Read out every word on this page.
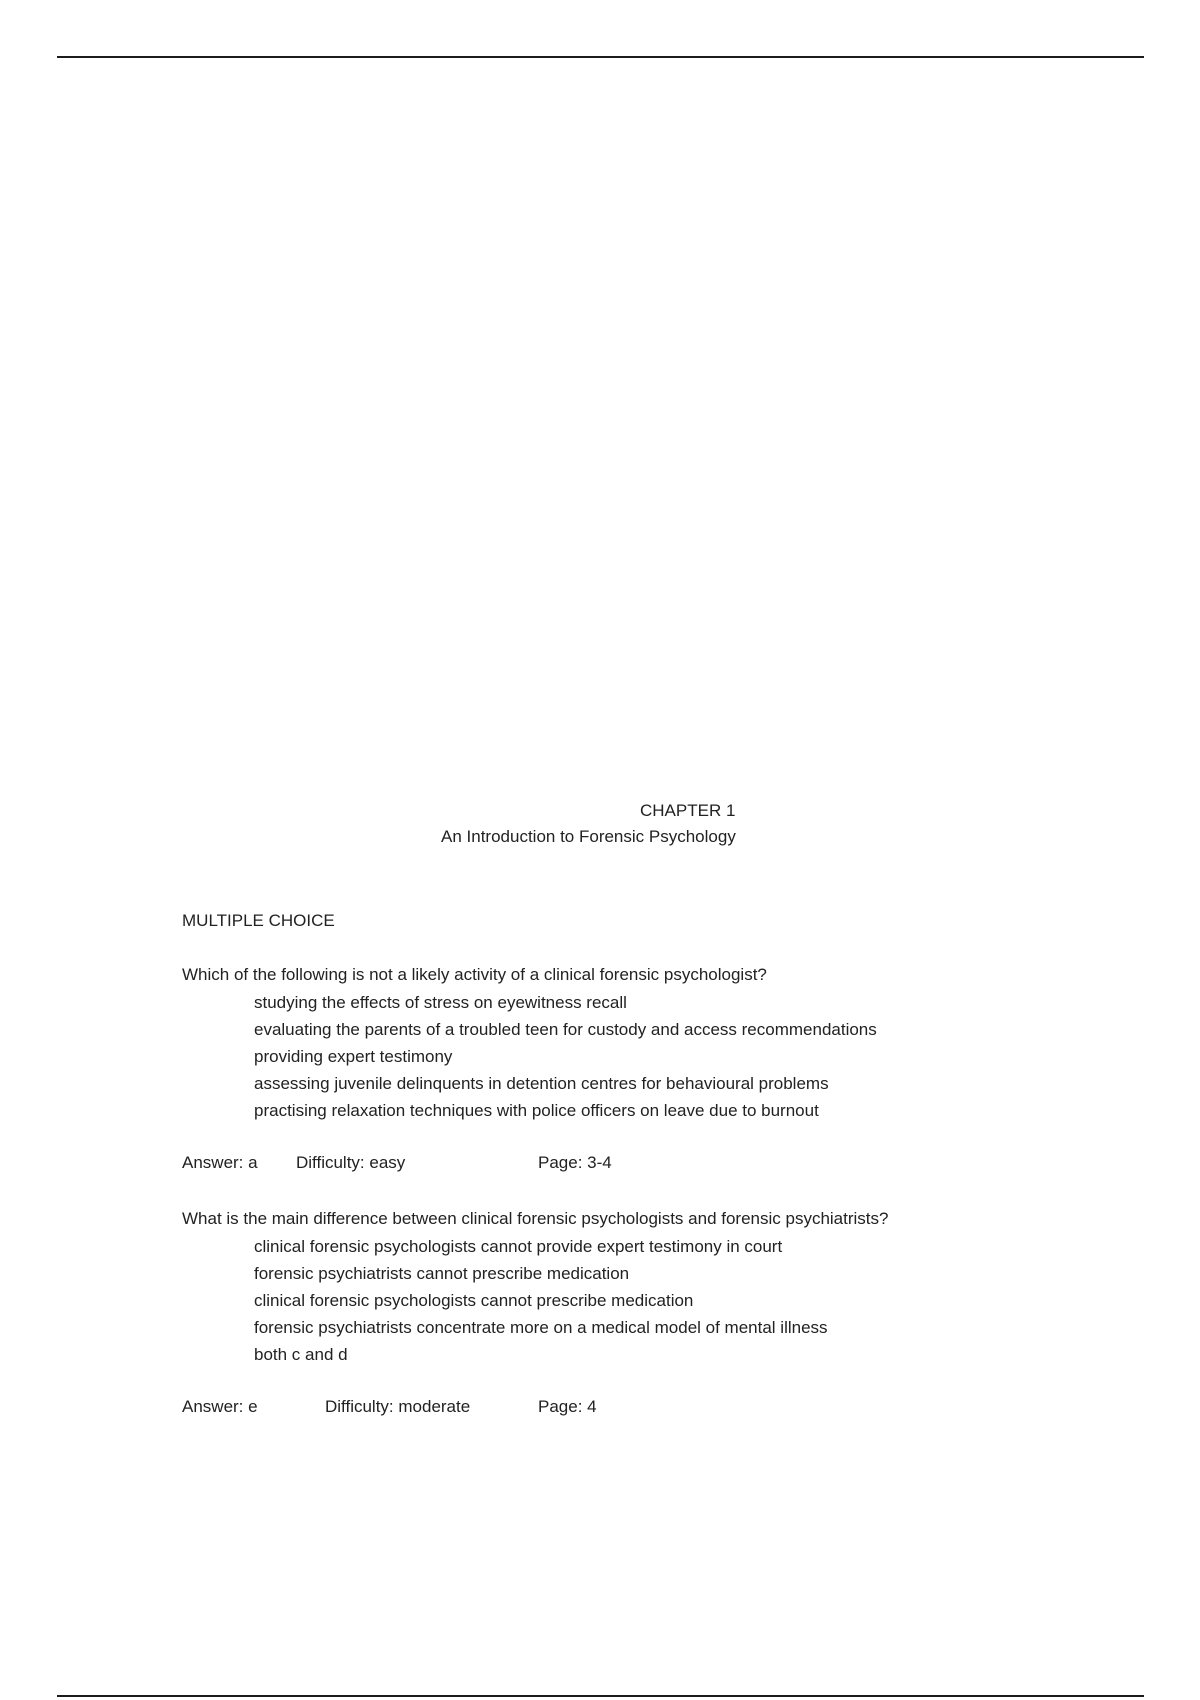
CHAPTER 1
An Introduction to Forensic Psychology
MULTIPLE CHOICE
Which of the following is not a likely activity of a clinical forensic psychologist?
studying the effects of stress on eyewitness recall
evaluating the parents of a troubled teen for custody and access recommendations
providing expert testimony
assessing juvenile delinquents in detention centres for behavioural problems
practising relaxation techniques with police officers on leave due to burnout
Answer: a Difficulty: easy	Page: 3-4
What is the main difference between clinical forensic psychologists and forensic psychiatrists?
clinical forensic psychologists cannot provide expert testimony in court
forensic psychiatrists cannot prescribe medication
clinical forensic psychologists cannot prescribe medication
forensic psychiatrists concentrate more on a medical model of mental illness
both c and d
Answer: e	Difficulty: moderate	Page: 4
